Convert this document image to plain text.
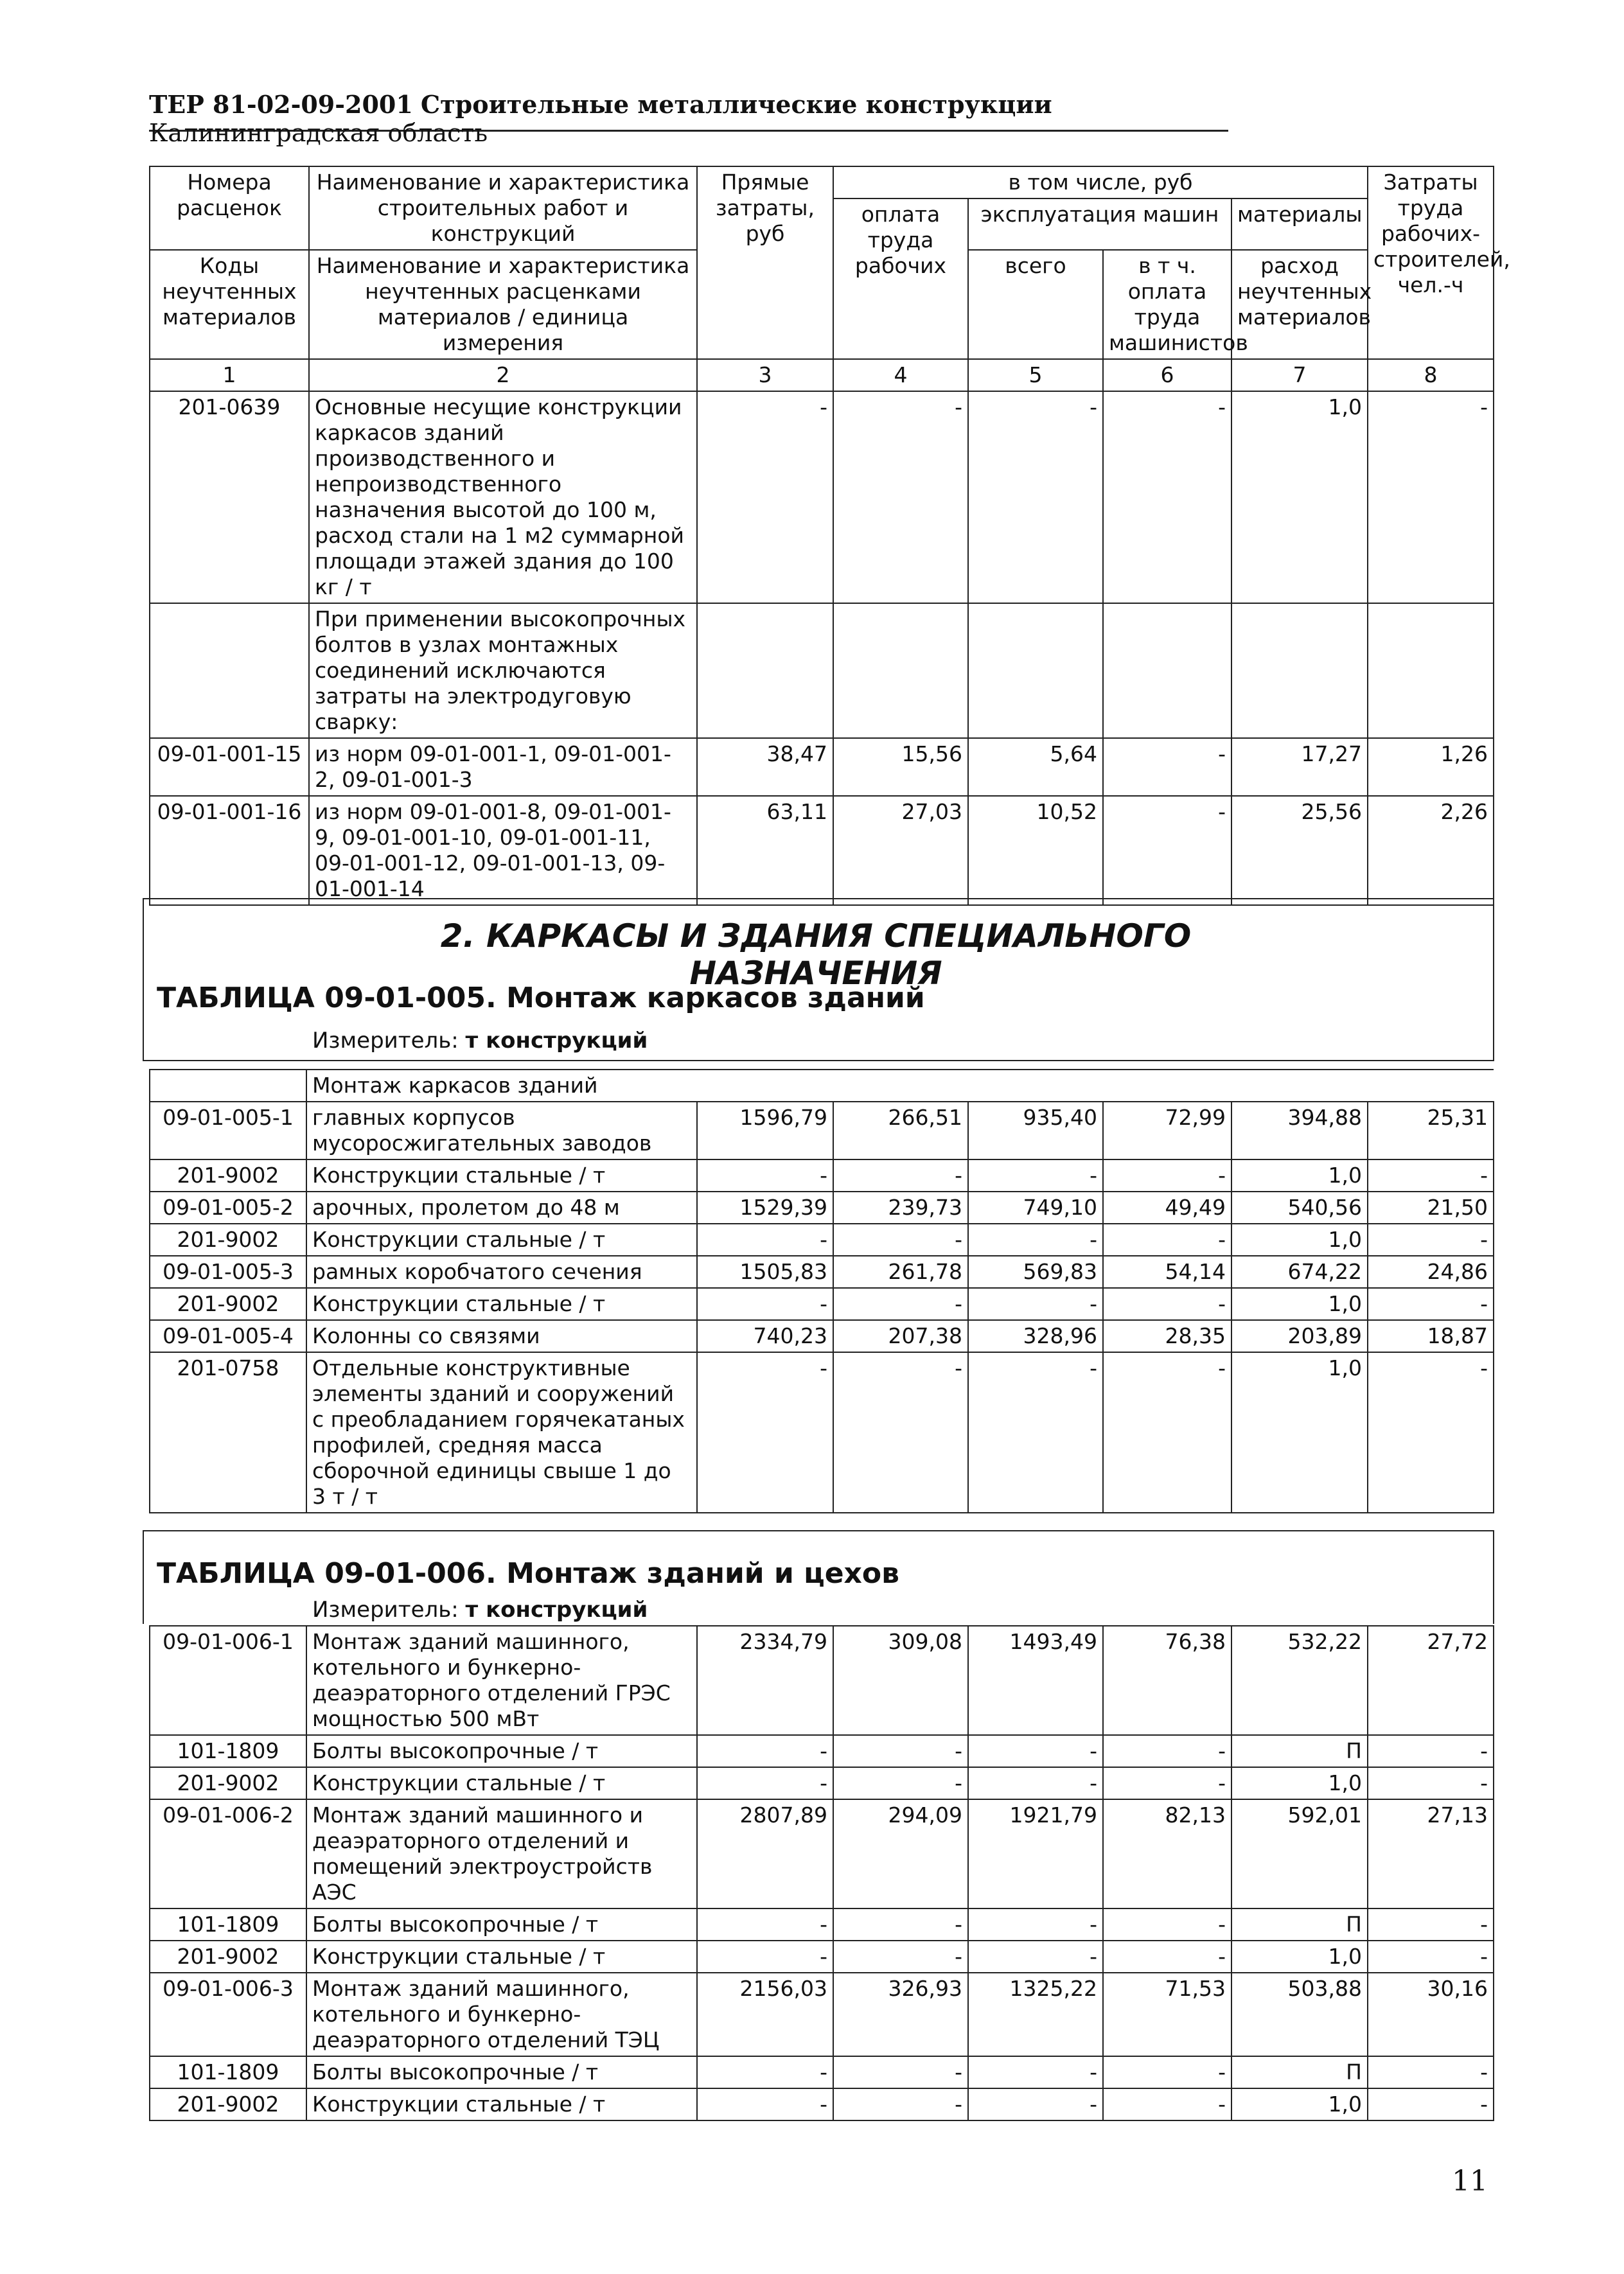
ТЕР 81-02-09-2001 Строительные металлические конструкции Калининградская область
Номера расценок	Наименование и характеристика строительных работ и конструкций	Прямые затраты, руб	в том числе, руб				Затраты труда рабочих-строителей, чел.-ч
			оплата труда рабочих	эксплуатация машин		материалы	
Коды неучтенных материалов	Наименование и характеристика неучтенных расценками материалов / единица измерения			всего	в т ч. оплата труда машинистов	расход неучтенных материалов	

1	2	3	4	5	6	7	8
201-0639	Основные несущие конструкции каркасов зданий производственного и непроизводственного назначения высотой до 100 м, расход стали на 1 м2 суммарной площади этажей здания до 100 кг / т	-	-	-	-	1,0	-
	При применении высокопрочных болтов в узлах монтажных соединений исключаются затраты на электродуговую сварку:						
09-01-001-15	из норм 09-01-001-1, 09-01-001-2, 09-01-001-3	38,47	15,56	5,64	-	17,27	1,26
09-01-001-16	из норм 09-01-001-8, 09-01-001-9, 09-01-001-10, 09-01-001-11, 09-01-001-12, 09-01-001-13, 09-01-001-14	63,11	27,03	10,52	-	25,56	2,26
2. КАРКАСЫ И ЗДАНИЯ СПЕЦИАЛЬНОГО НАЗНАЧЕНИЯ
ТАБЛИЦА 09-01-005. Монтаж каркасов зданий
Измеритель: т конструкций
	Монтаж каркасов зданий						
09-01-005-1	главных корпусов мусоросжигательных заводов	1596,79	266,51	935,40	72,99	394,88	25,31
201-9002	Конструкции стальные / т	-	-	-	-	1,0	-
09-01-005-2	арочных, пролетом до 48 м	1529,39	239,73	749,10	49,49	540,56	21,50
201-9002	Конструкции стальные / т	-	-	-	-	1,0	-
09-01-005-3	рамных коробчатого сечения	1505,83	261,78	569,83	54,14	674,22	24,86
201-9002	Конструкции стальные / т	-	-	-	-	1,0	-
09-01-005-4	Колонны со связями	740,23	207,38	328,96	28,35	203,89	18,87
201-0758	Отдельные конструктивные элементы зданий и сооружений с преобладанием горячекатаных профилей, средняя масса сборочной единицы свыше 1 до 3 т / т	-	-	-	-	1,0	-
ТАБЛИЦА 09-01-006. Монтаж зданий и цехов
Измеритель: т конструкций
09-01-006-1	Монтаж зданий машинного, котельного и бункерно-деаэраторного отделений ГРЭС мощностью 500 мВт	2334,79	309,08	1493,49	76,38	532,22	27,72
101-1809	Болты высокопрочные / т	-	-	-	-	П	-
201-9002	Конструкции стальные / т	-	-	-	-	1,0	-
09-01-006-2	Монтаж зданий машинного и деаэраторного отделений и помещений электроустройств АЭС	2807,89	294,09	1921,79	82,13	592,01	27,13
101-1809	Болты высокопрочные / т	-	-	-	-	П	-
201-9002	Конструкции стальные / т	-	-	-	-	1,0	-
09-01-006-3	Монтаж зданий машинного, котельного и бункерно-деаэраторного отделений ТЭЦ	2156,03	326,93	1325,22	71,53	503,88	30,16
101-1809	Болты высокопрочные / т	-	-	-	-	П	-
201-9002	Конструкции стальные / т	-	-	-	-	1,0	-
11
